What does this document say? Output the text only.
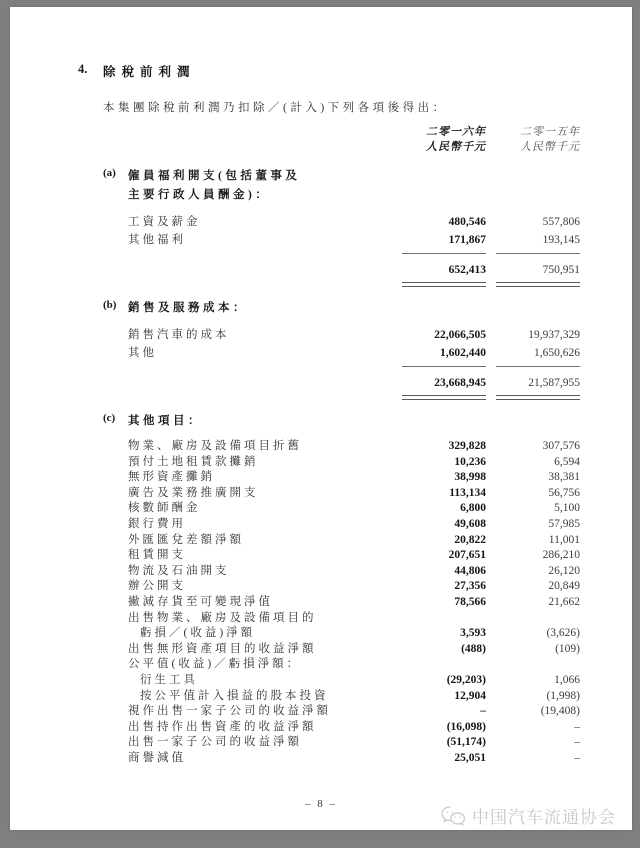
4.	除稅前利潤
本集團除稅前利潤乃扣除／(計入)下列各項後得出：
二零一六年
人民幣千元
二零一五年
人民幣千元
(a)	僱員福利開支(包括董事及
主要行政人員酬金)：
工資及薪金	480,546	557,806
其他福利	171,867	193,145
652,413	750,951
(b)	銷售及服務成本：
銷售汽車的成本	22,066,505	19,937,329
其他	1,602,440	1,650,626
23,668,945	21,587,955
(c)	其他項目：
物業、廠房及設備項目折舊	329,828	307,576
預付土地租賃款攤銷	10,236	6,594
無形資產攤銷	38,998	38,381
廣告及業務推廣開支	113,134	56,756
核數師酬金	6,800	5,100
銀行費用	49,608	57,985
外匯匯兌差額淨額	20,822	11,001
租賃開支	207,651	286,210
物流及石油開支	44,806	26,120
辦公開支	27,356	20,849
撇減存貨至可變現淨值	78,566	21,662
出售物業、廠房及設備項目的
虧損／(收益)淨額	3,593	(3,626)
出售無形資產項目的收益淨額	(488)	(109)
公平值(收益)／虧損淨額：
衍生工具	(29,203)	1,066
按公平值計入損益的股本投資	12,904	(1,998)
視作出售一家子公司的收益淨額	–	(19,408)
出售持作出售資產的收益淨額	(16,098)	–
出售一家子公司的收益淨額	(51,174)	–
商譽減值	25,051	–
– 8 –
中国汽车流通协会
